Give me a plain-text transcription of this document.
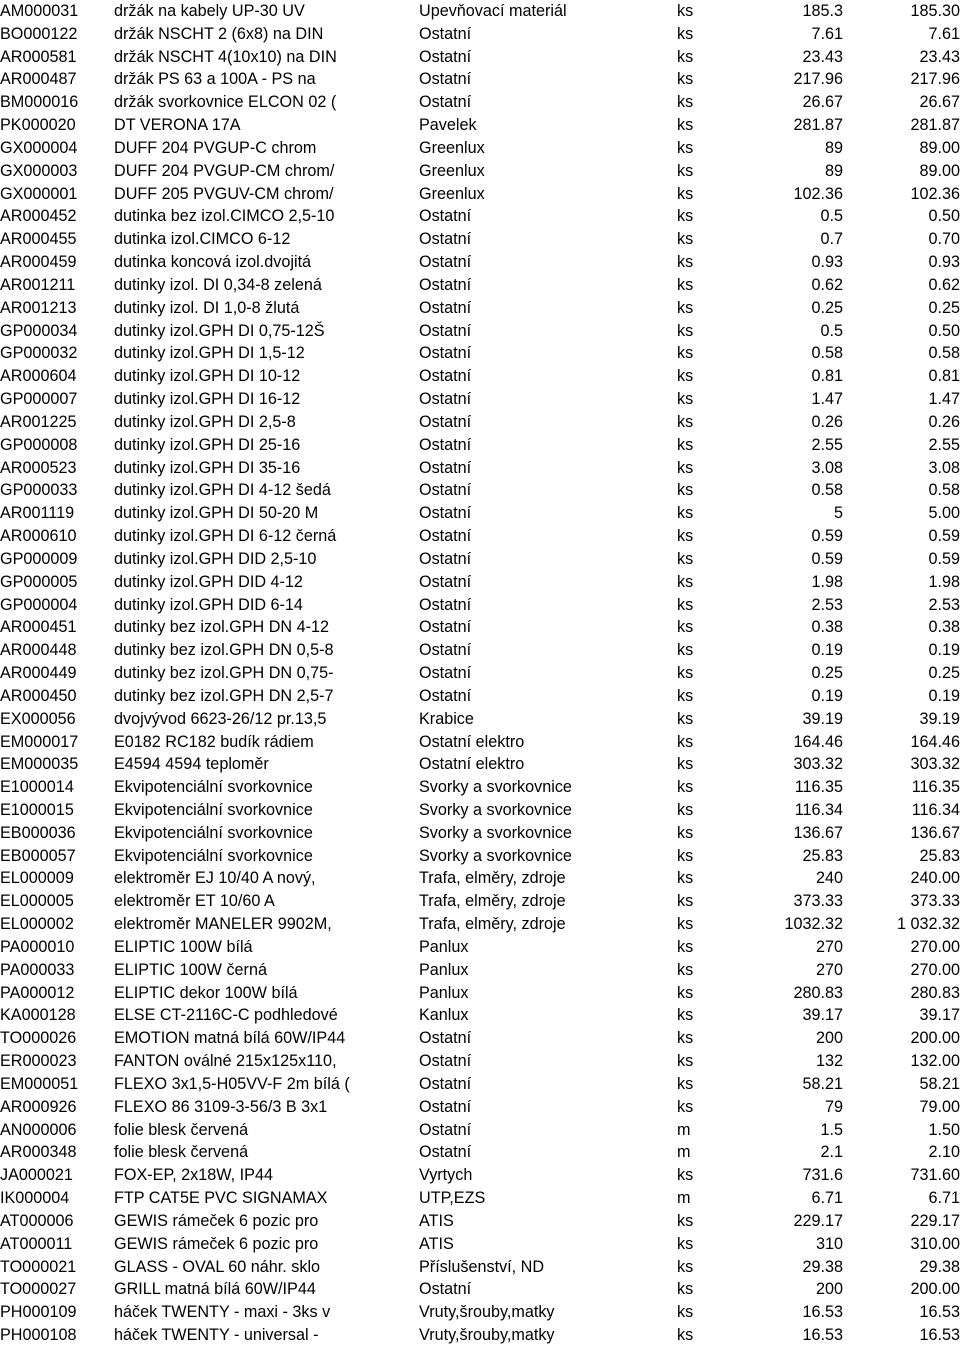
AM000031	držák na kabely UP-30 UV	Upevňovací materiál	ks	185.3	185.30
BO000122	držák NSCHT 2 (6x8) na DIN	Ostatní	ks	7.61	7.61
AR000581	držák NSCHT 4(10x10) na DIN	Ostatní	ks	23.43	23.43
AR000487	držák PS 63 a 100A - PS na	Ostatní	ks	217.96	217.96
BM000016	držák svorkovnice ELCON 02 (	Ostatní	ks	26.67	26.67
PK000020	DT VERONA 17A	Pavelek	ks	281.87	281.87
GX000004	DUFF 204 PVGUP-C chrom	Greenlux	ks	89	89.00
GX000003	DUFF 204 PVGUP-CM chrom/	Greenlux	ks	89	89.00
GX000001	DUFF 205 PVGUV-CM chrom/	Greenlux	ks	102.36	102.36
AR000452	dutinka bez izol.CIMCO 2,5-10	Ostatní	ks	0.5	0.50
AR000455	dutinka izol.CIMCO 6-12	Ostatní	ks	0.7	0.70
AR000459	dutinka koncová izol.dvojitá	Ostatní	ks	0.93	0.93
AR001211	dutinky izol. DI 0,34-8 zelená	Ostatní	ks	0.62	0.62
AR001213	dutinky izol. DI 1,0-8 žlutá	Ostatní	ks	0.25	0.25
GP000034	dutinky izol.GPH DI 0,75-12Š	Ostatní	ks	0.5	0.50
GP000032	dutinky izol.GPH DI 1,5-12	Ostatní	ks	0.58	0.58
AR000604	dutinky izol.GPH DI 10-12	Ostatní	ks	0.81	0.81
GP000007	dutinky izol.GPH DI 16-12	Ostatní	ks	1.47	1.47
AR001225	dutinky izol.GPH DI 2,5-8	Ostatní	ks	0.26	0.26
GP000008	dutinky izol.GPH DI 25-16	Ostatní	ks	2.55	2.55
AR000523	dutinky izol.GPH DI 35-16	Ostatní	ks	3.08	3.08
GP000033	dutinky izol.GPH DI 4-12 šedá	Ostatní	ks	0.58	0.58
AR001119	dutinky izol.GPH DI 50-20 M	Ostatní	ks	5	5.00
AR000610	dutinky izol.GPH DI 6-12 černá	Ostatní	ks	0.59	0.59
GP000009	dutinky izol.GPH DID 2,5-10	Ostatní	ks	0.59	0.59
GP000005	dutinky izol.GPH DID 4-12	Ostatní	ks	1.98	1.98
GP000004	dutinky izol.GPH DID 6-14	Ostatní	ks	2.53	2.53
AR000451	dutinky bez izol.GPH DN 4-12	Ostatní	ks	0.38	0.38
AR000448	dutinky bez izol.GPH DN 0,5-8	Ostatní	ks	0.19	0.19
AR000449	dutinky bez izol.GPH DN 0,75-	Ostatní	ks	0.25	0.25
AR000450	dutinky bez izol.GPH DN 2,5-7	Ostatní	ks	0.19	0.19
EX000056	dvojvývod 6623-26/12 pr.13,5	Krabice	ks	39.19	39.19
EM000017	E0182 RC182 budík rádiem	Ostatní elektro	ks	164.46	164.46
EM000035	E4594 4594 teploměr	Ostatní elektro	ks	303.32	303.32
E1000014	Ekvipotenciální svorkovnice	Svorky a svorkovnice	ks	116.35	116.35
E1000015	Ekvipotenciální svorkovnice	Svorky a svorkovnice	ks	116.34	116.34
EB000036	Ekvipotenciální svorkovnice	Svorky a svorkovnice	ks	136.67	136.67
EB000057	Ekvipotenciální svorkovnice	Svorky a svorkovnice	ks	25.83	25.83
EL000009	elektroměr EJ 10/40 A nový,	Trafa, elměry, zdroje	ks	240	240.00
EL000005	elektroměr ET 10/60 A	Trafa, elměry, zdroje	ks	373.33	373.33
EL000002	elektroměr MANELER 9902M,	Trafa, elměry, zdroje	ks	1032.32	1 032.32
PA000010	ELIPTIC 100W bílá	Panlux	ks	270	270.00
PA000033	ELIPTIC 100W černá	Panlux	ks	270	270.00
PA000012	ELIPTIC dekor 100W bílá	Panlux	ks	280.83	280.83
KA000128	ELSE CT-2116C-C podhledové	Kanlux	ks	39.17	39.17
TO000026	EMOTION matná bílá 60W/IP44	Ostatní	ks	200	200.00
ER000023	FANTON oválné 215x125x110,	Ostatní	ks	132	132.00
EM000051	FLEXO 3x1,5-H05VV-F 2m bílá (	Ostatní	ks	58.21	58.21
AR000926	FLEXO 86 3109-3-56/3 B 3x1	Ostatní	ks	79	79.00
AN000006	folie blesk červená	Ostatní	m	1.5	1.50
AR000348	folie blesk červená	Ostatní	m	2.1	2.10
JA000021	FOX-EP, 2x18W, IP44	Vyrtych	ks	731.6	731.60
IK000004	FTP CAT5E PVC SIGNAMAX	UTP,EZS	m	6.71	6.71
AT000006	GEWIS rámeček 6 pozic pro	ATIS	ks	229.17	229.17
AT000011	GEWIS rámeček 6 pozic pro	ATIS	ks	310	310.00
TO000021	GLASS - OVAL 60 náhr. sklo	Příslušenství, ND	ks	29.38	29.38
TO000027	GRILL matná bílá 60W/IP44	Ostatní	ks	200	200.00
PH000109	háček TWENTY - maxi - 3ks v	Vruty,šrouby,matky	ks	16.53	16.53
PH000108	háček TWENTY - universal -	Vruty,šrouby,matky	ks	16.53	16.53
